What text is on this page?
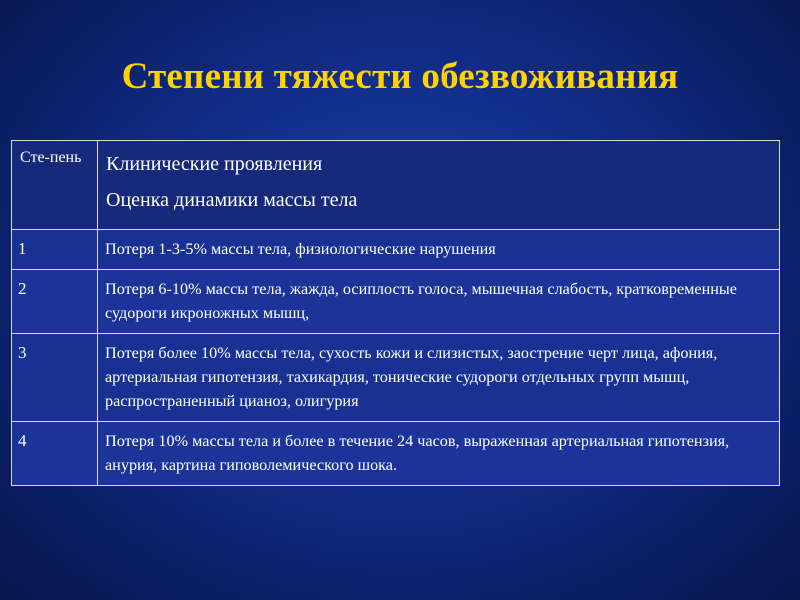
Степени тяжести обезвоживания
Сте-пень	Клинические проявления
Оценка динамики массы тела

1	Потеря 1-3-5% массы тела, физиологические нарушения
2	Потеря 6-10% массы тела, жажда, осиплость голоса, мышечная слабость, кратковременные судороги икроножных мышц,
3	Потеря более 10% массы тела, сухость кожи и слизистых, заострение черт лица, афония, артериальная гипотензия, тахикардия, тонические судороги отдельных групп мышц, распространенный цианоз, олигурия
4	Потеря 10% массы тела и более в течение 24 часов, выраженная артериальная гипотензия, анурия, картина гиповолемического шока.
